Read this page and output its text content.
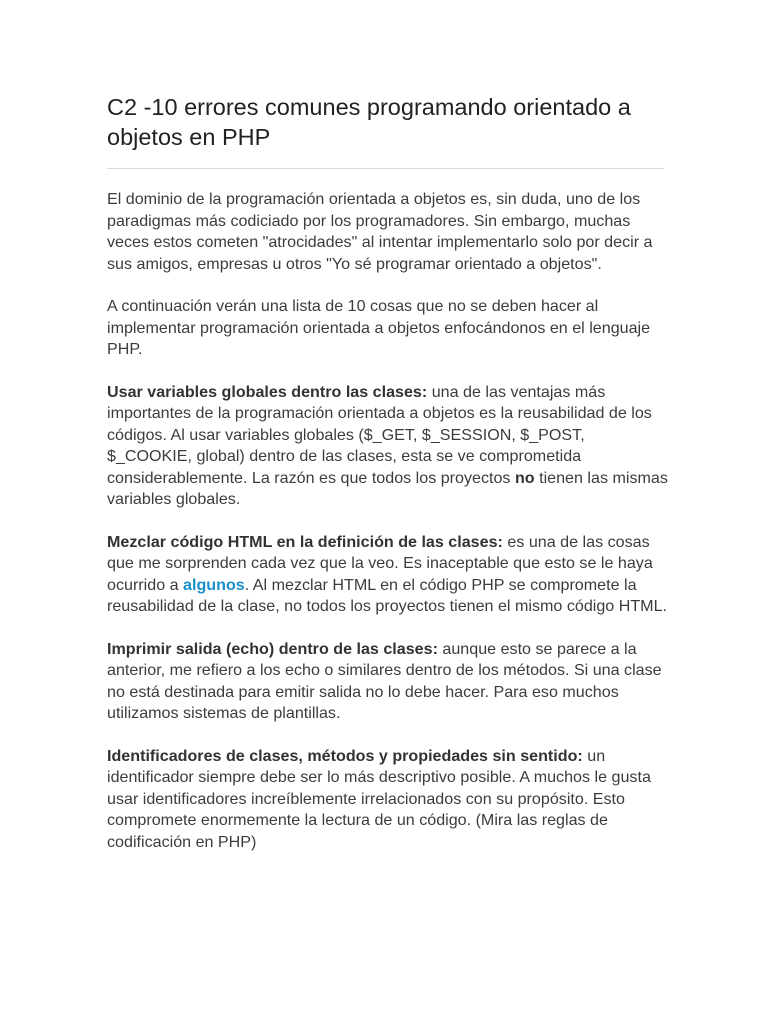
C2 -10 errores comunes programando orientado a objetos en PHP

El dominio de la programación orientada a objetos es, sin duda, uno de los paradigmas más codiciado por los programadores. Sin embargo, muchas veces estos cometen "atrocidades" al intentar implementarlo solo por decir a sus amigos, empresas u otros "Yo sé programar orientado a objetos".

A continuación verán una lista de 10 cosas que no se deben hacer al implementar programación orientada a objetos enfocándonos en el lenguaje PHP.

Usar variables globales dentro las clases: una de las ventajas más importantes de la programación orientada a objetos es la reusabilidad de los códigos. Al usar variables globales ($_GET, $_SESSION, $_POST, $_COOKIE, global) dentro de las clases, esta se ve comprometida considerablemente. La razón es que todos los proyectos no tienen las mismas variables globales.

Mezclar código HTML en la definición de las clases: es una de las cosas que me sorprenden cada vez que la veo. Es inaceptable que esto se le haya ocurrido a algunos. Al mezclar HTML en el código PHP se compromete la reusabilidad de la clase, no todos los proyectos tienen el mismo código HTML.

Imprimir salida (echo) dentro de las clases: aunque esto se parece a la anterior, me refiero a los echo o similares dentro de los métodos. Si una clase no está destinada para emitir salida no lo debe hacer. Para eso muchos utilizamos sistemas de plantillas.

Identificadores de clases, métodos y propiedades sin sentido: un identificador siempre debe ser lo más descriptivo posible. A muchos le gusta usar identificadores increíblemente irrelacionados con su propósito. Esto compromete enormemente la lectura de un código. (Mira las reglas de codificación en PHP)
